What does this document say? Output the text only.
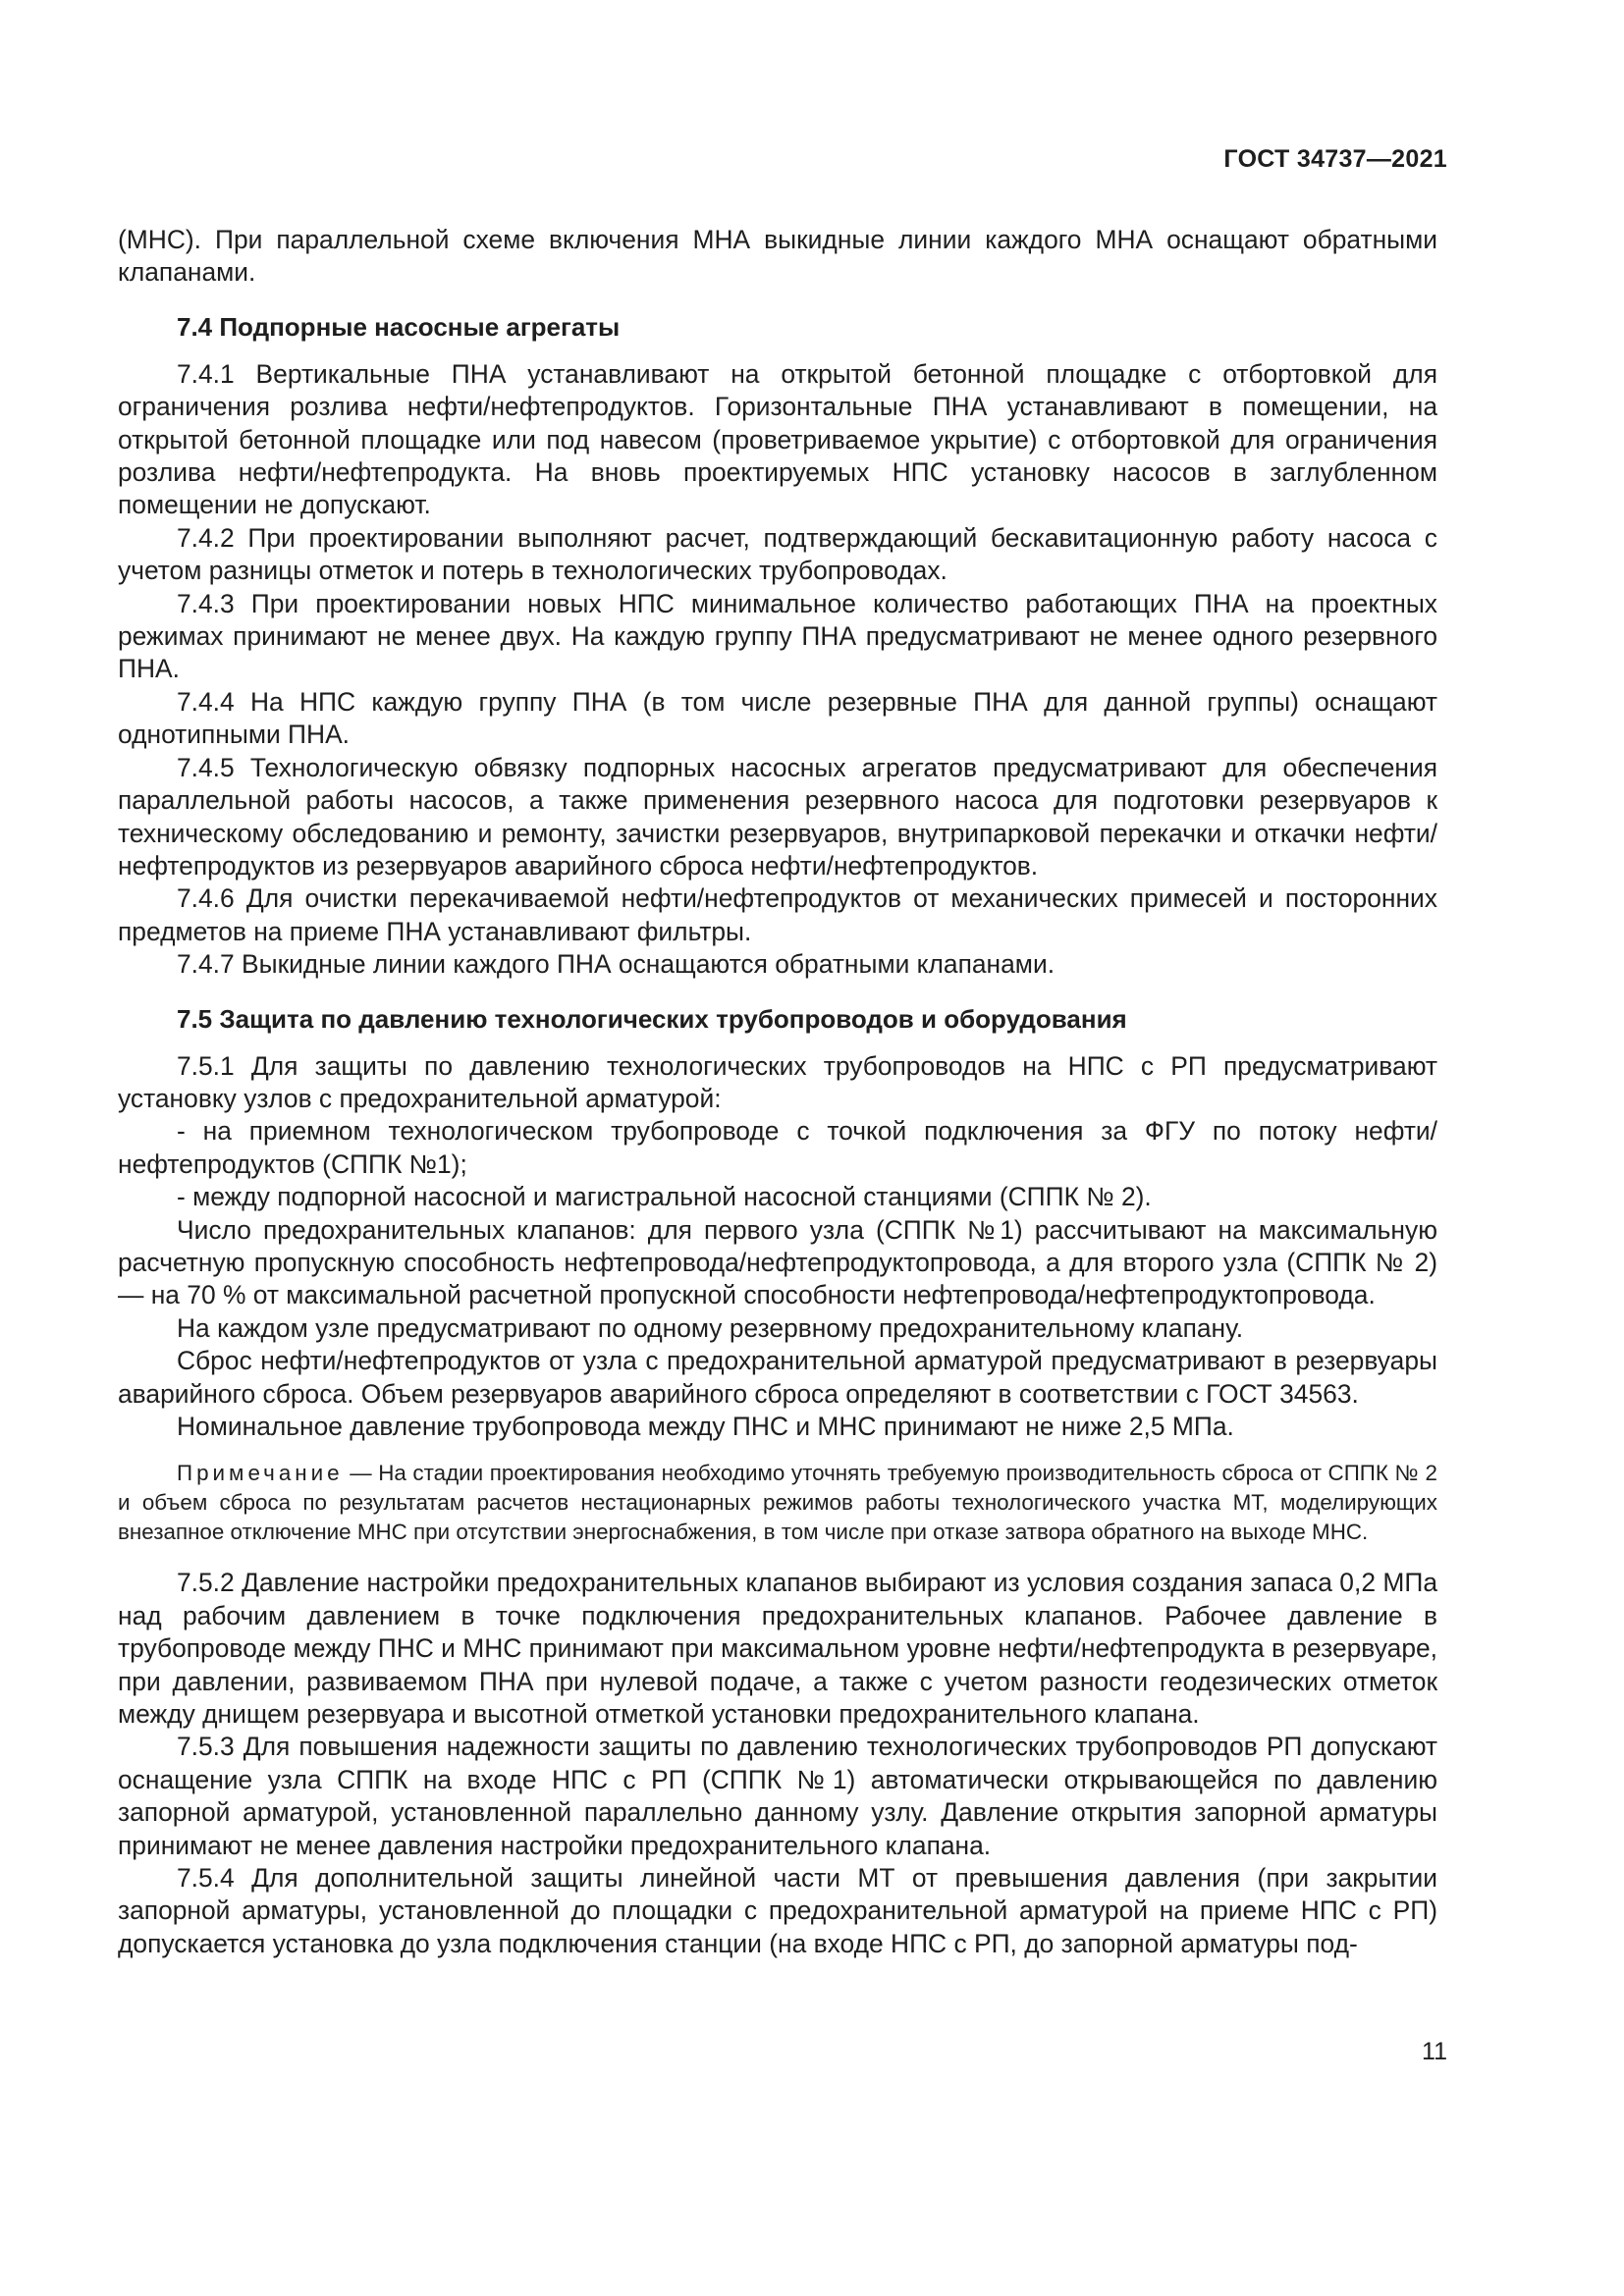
ГОСТ 34737—2021

(МНС). При параллельной схеме включения МНА выкидные линии каждого МНА оснащают обратными клапанами.

7.4 Подпорные насосные агрегаты

7.4.1 Вертикальные ПНА устанавливают на открытой бетонной площадке с отбортовкой для ограничения розлива нефти/нефтепродуктов. Горизонтальные ПНА устанавливают в помещении, на открытой бетонной площадке или под навесом (проветриваемое укрытие) с отбортовкой для ограничения розлива нефти/нефтепродукта. На вновь проектируемых НПС установку насосов в заглубленном помещении не допускают.

7.4.2 При проектировании выполняют расчет, подтверждающий бескавитационную работу насоса с учетом разницы отметок и потерь в технологических трубопроводах.

7.4.3 При проектировании новых НПС минимальное количество работающих ПНА на проектных режимах принимают не менее двух. На каждую группу ПНА предусматривают не менее одного резервного ПНА.

7.4.4 На НПС каждую группу ПНА (в том числе резервные ПНА для данной группы) оснащают однотипными ПНА.

7.4.5 Технологическую обвязку подпорных насосных агрегатов предусматривают для обеспечения параллельной работы насосов, а также применения резервного насоса для подготовки резервуаров к техническому обследованию и ремонту, зачистки резервуаров, внутрипарковой перекачки и откачки нефти/нефтепродуктов из резервуаров аварийного сброса нефти/нефтепродуктов.

7.4.6 Для очистки перекачиваемой нефти/нефтепродуктов от механических примесей и посторонних предметов на приеме ПНА устанавливают фильтры.

7.4.7 Выкидные линии каждого ПНА оснащаются обратными клапанами.

7.5 Защита по давлению технологических трубопроводов и оборудования

7.5.1 Для защиты по давлению технологических трубопроводов на НПС с РП предусматривают установку узлов с предохранительной арматурой:

- на приемном технологическом трубопроводе с точкой подключения за ФГУ по потоку нефти/нефтепродуктов (СППК №1);

- между подпорной насосной и магистральной насосной станциями (СППК № 2).

Число предохранительных клапанов: для первого узла (СППК №1) рассчитывают на максимальную расчетную пропускную способность нефтепровода/нефтепродуктопровода, а для второго узла (СППК № 2) — на 70 % от максимальной расчетной пропускной способности нефтепровода/нефтепродуктопровода.

На каждом узле предусматривают по одному резервному предохранительному клапану.

Сброс нефти/нефтепродуктов от узла с предохранительной арматурой предусматривают в резервуары аварийного сброса. Объем резервуаров аварийного сброса определяют в соответствии с ГОСТ 34563.

Номинальное давление трубопровода между ПНС и МНС принимают не ниже 2,5 МПа.

Примечание — На стадии проектирования необходимо уточнять требуемую производительность сброса от СППК № 2 и объем сброса по результатам расчетов нестационарных режимов работы технологического участка МТ, моделирующих внезапное отключение МНС при отсутствии энергоснабжения, в том числе при отказе затвора обратного на выходе МНС.

7.5.2 Давление настройки предохранительных клапанов выбирают из условия создания запаса 0,2 МПа над рабочим давлением в точке подключения предохранительных клапанов. Рабочее давление в трубопроводе между ПНС и МНС принимают при максимальном уровне нефти/нефтепродукта в резервуаре, при давлении, развиваемом ПНА при нулевой подаче, а также с учетом разности геодезических отметок между днищем резервуара и высотной отметкой установки предохранительного клапана.

7.5.3 Для повышения надежности защиты по давлению технологических трубопроводов РП допускают оснащение узла СППК на входе НПС с РП (СППК №1) автоматически открывающейся по давлению запорной арматурой, установленной параллельно данному узлу. Давление открытия запорной арматуры принимают не менее давления настройки предохранительного клапана.

7.5.4 Для дополнительной защиты линейной части МТ от превышения давления (при закрытии запорной арматуры, установленной до площадки с предохранительной арматурой на приеме НПС с РП) допускается установка до узла подключения станции (на входе НПС с РП, до запорной арматуры под-

11
